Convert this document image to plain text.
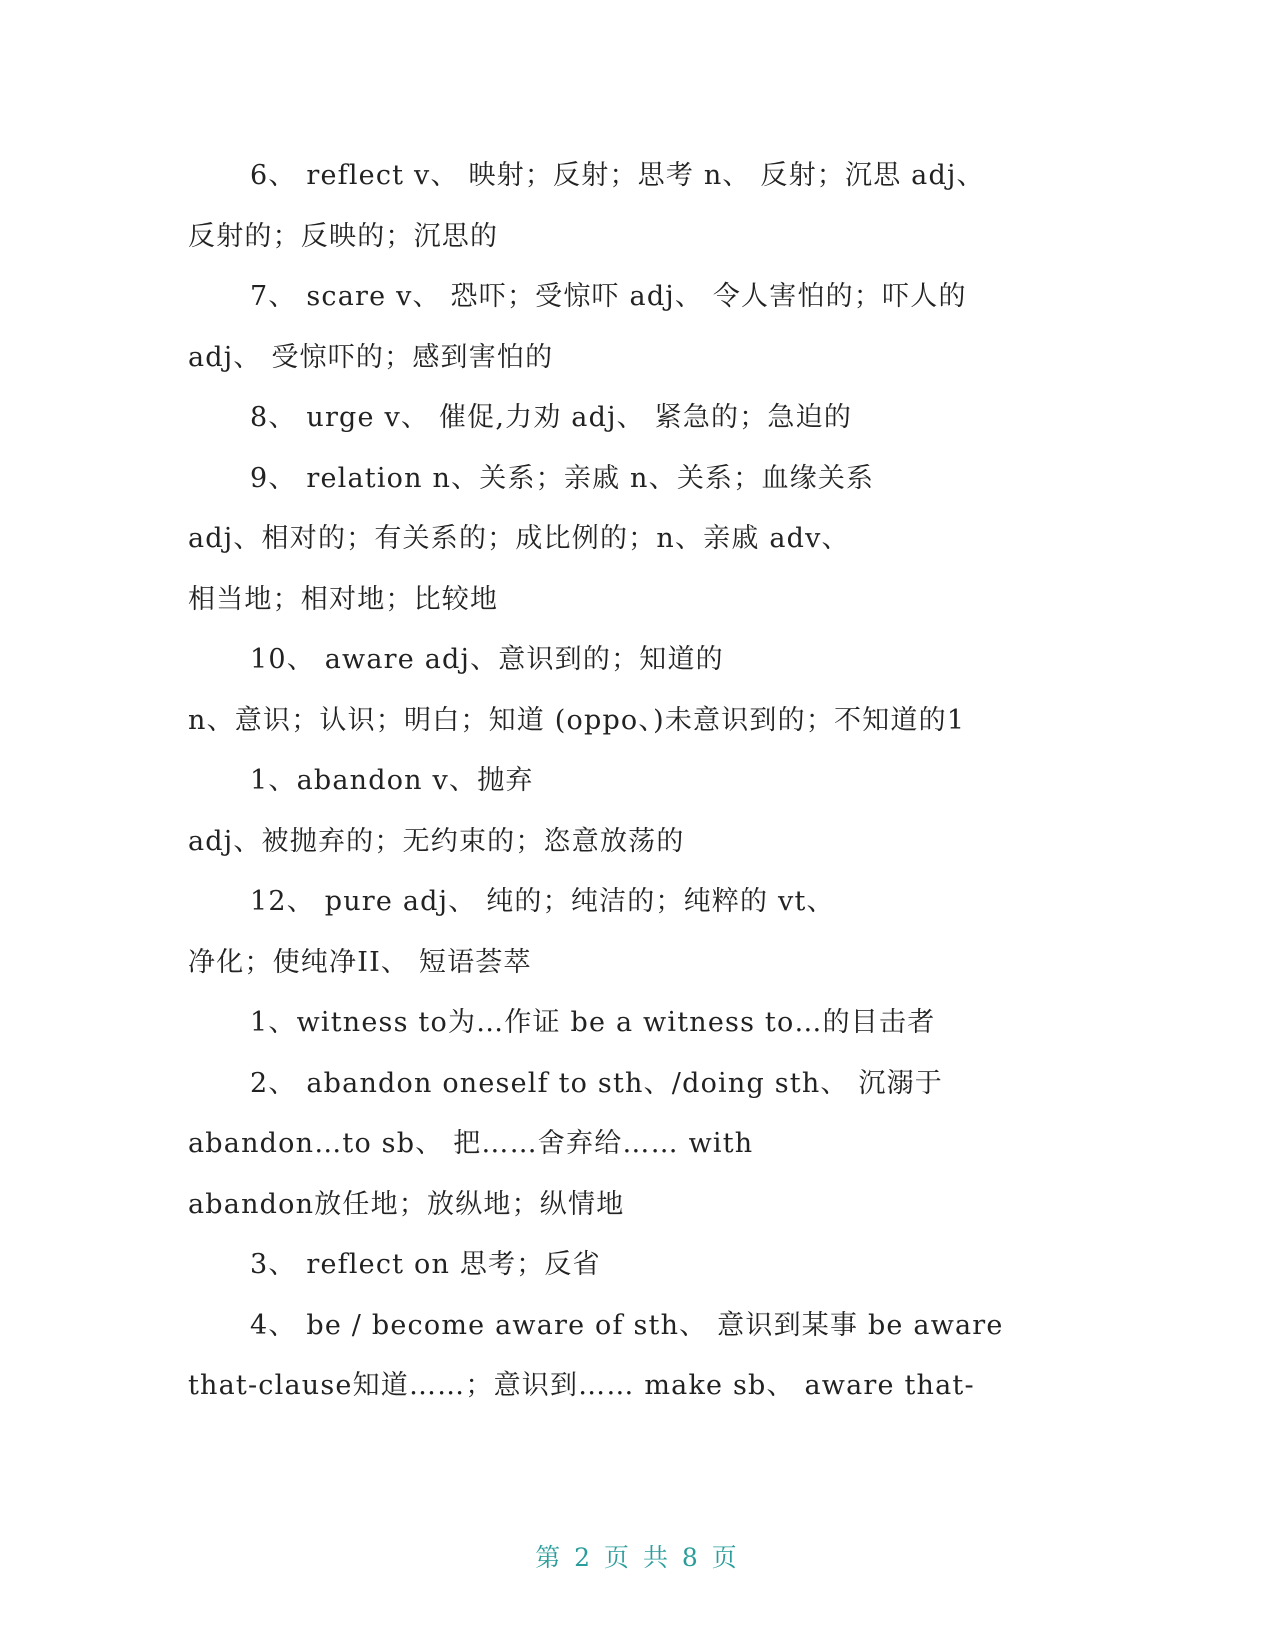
6、 reflect v、 映射；反射；思考 n、 反射；沉思 adj、
反射的；反映的；沉思的
7、 scare v、 恐吓；受惊吓 adj、 令人害怕的；吓人的
adj、 受惊吓的；感到害怕的
8、 urge v、 催促,力劝 adj、 紧急的；急迫的
9、 relation n、关系；亲戚 n、关系；血缘关系
adj、相对的；有关系的；成比例的；n、亲戚 adv、
相当地；相对地；比较地
10、 aware adj、意识到的；知道的
n、意识；认识；明白；知道 (oppo、)未意识到的；不知道的1
1、abandon v、抛弃
adj、被抛弃的；无约束的；恣意放荡的
12、 pure adj、 纯的；纯洁的；纯粹的 vt、
净化；使纯净II、 短语荟萃
1、witness to为…作证 be a witness to…的目击者
2、 abandon oneself to sth、/doing sth、 沉溺于
abandon…to sb、 把……舍弃给…… with
abandon放任地；放纵地；纵情地
3、 reflect on 思考；反省
4、 be / become aware of sth、 意识到某事 be aware
that-clause知道……；意识到…… make sb、 aware that-
第 2 页 共 8 页
